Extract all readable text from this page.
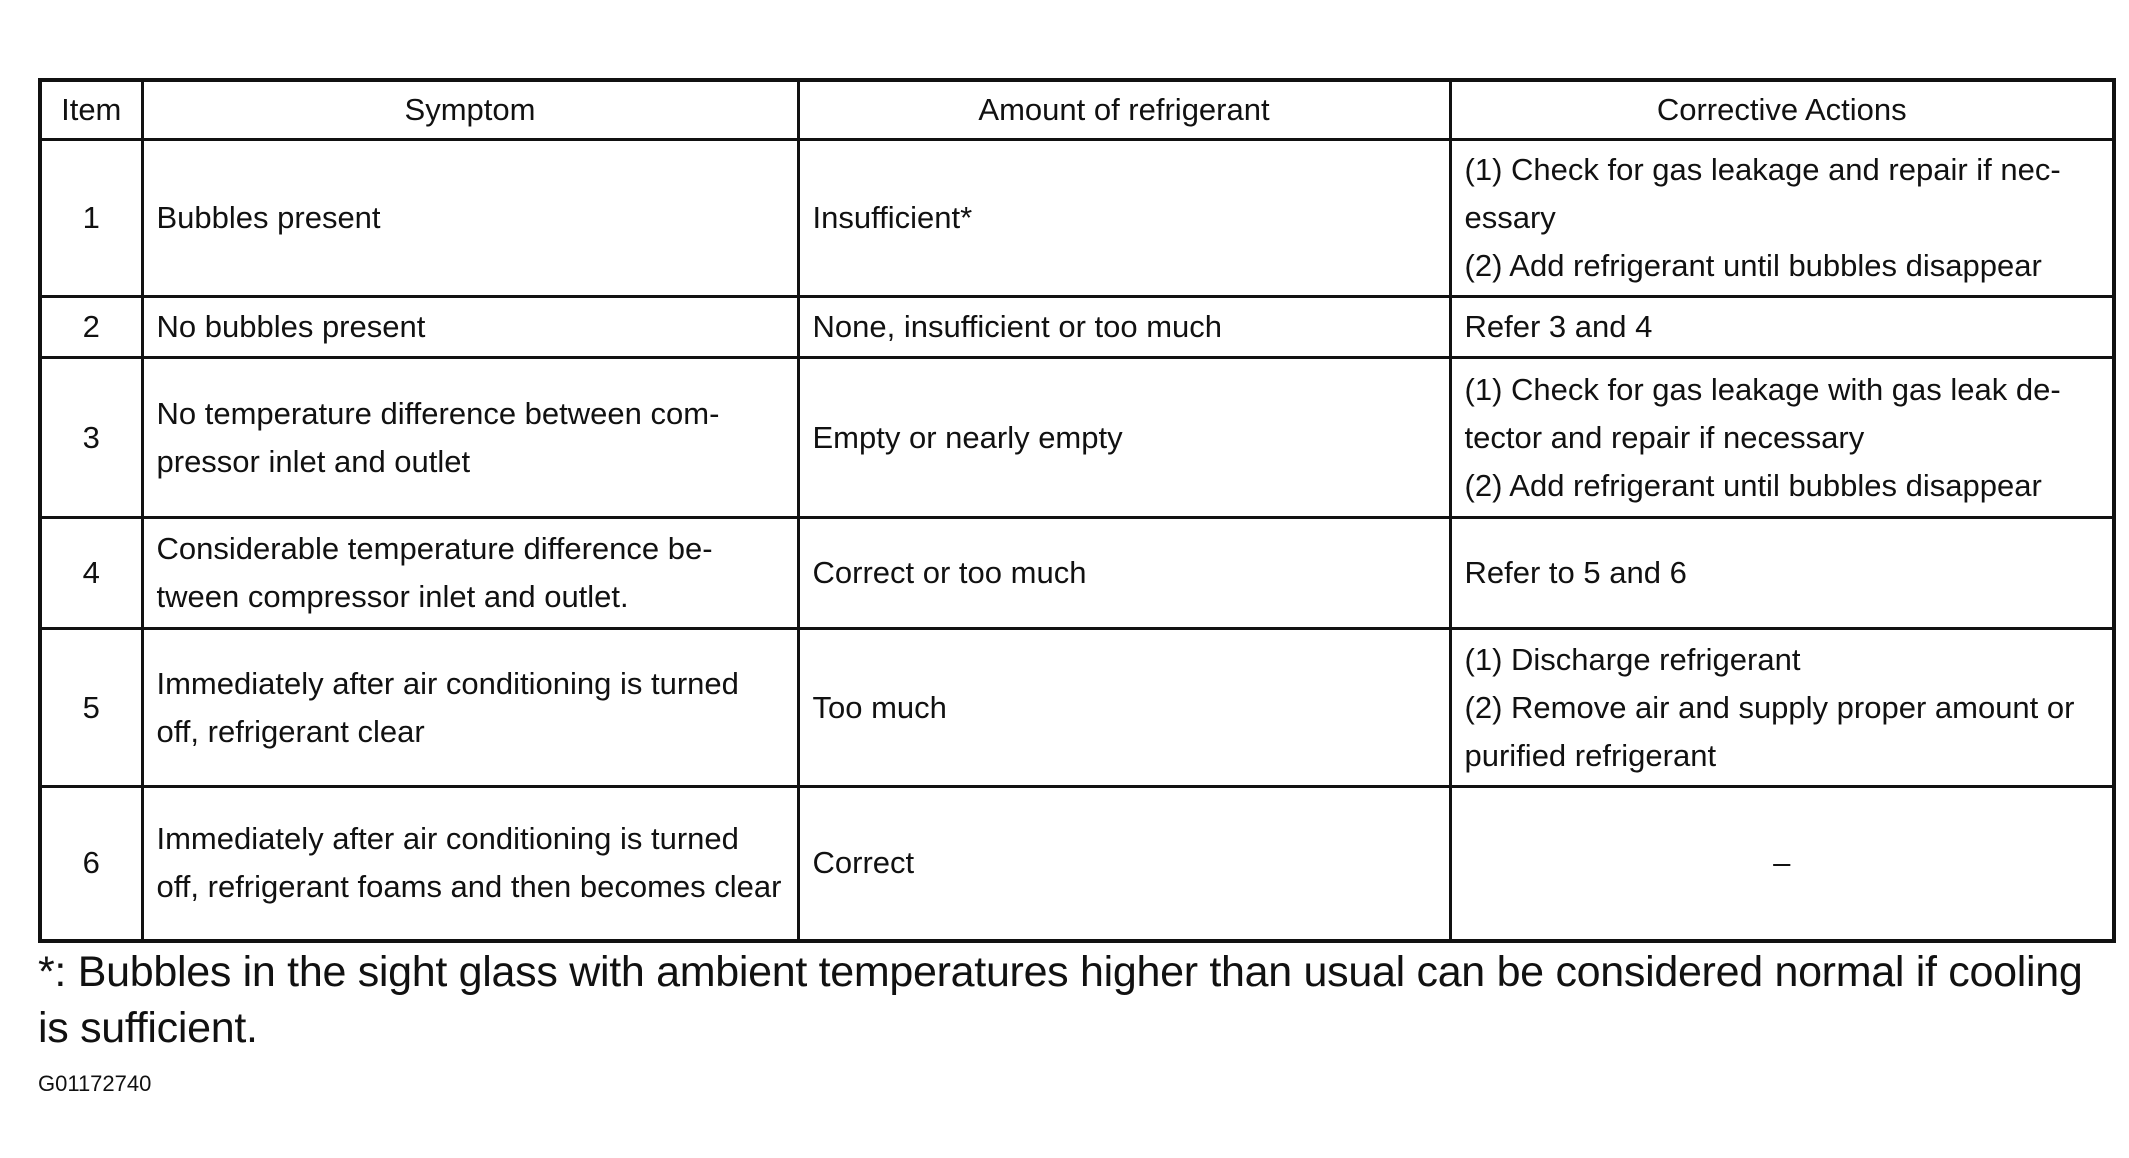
Item	Symptom	Amount of refrigerant	Corrective Actions
1	Bubbles present	Insufficient*	(1) Check for gas leakage and repair if nec-
essary
(2) Add refrigerant until bubbles disappear

2	No bubbles present	None, insufficient or too much	Refer 3 and 4

3	No temperature difference between com- pressor inlet and outlet	Empty or nearly empty	(1) Check for gas leakage with gas leak de-
tector and repair if necessary
(2) Add refrigerant until bubbles disappear

4	Considerable temperature difference be- tween compressor inlet and outlet.	Correct or too much	Refer to 5 and 6

5	Immediately after air conditioning is turned off, refrigerant clear	Too much	(1) Discharge refrigerant
(2) Remove air and supply proper amount or
purified refrigerant

6	Immediately after air conditioning is turned off, refrigerant foams and then becomes clear	Correct	–
*: Bubbles in the sight glass with ambient temperatures higher than usual can be considered normal if cooling is sufficient.
G01172740
